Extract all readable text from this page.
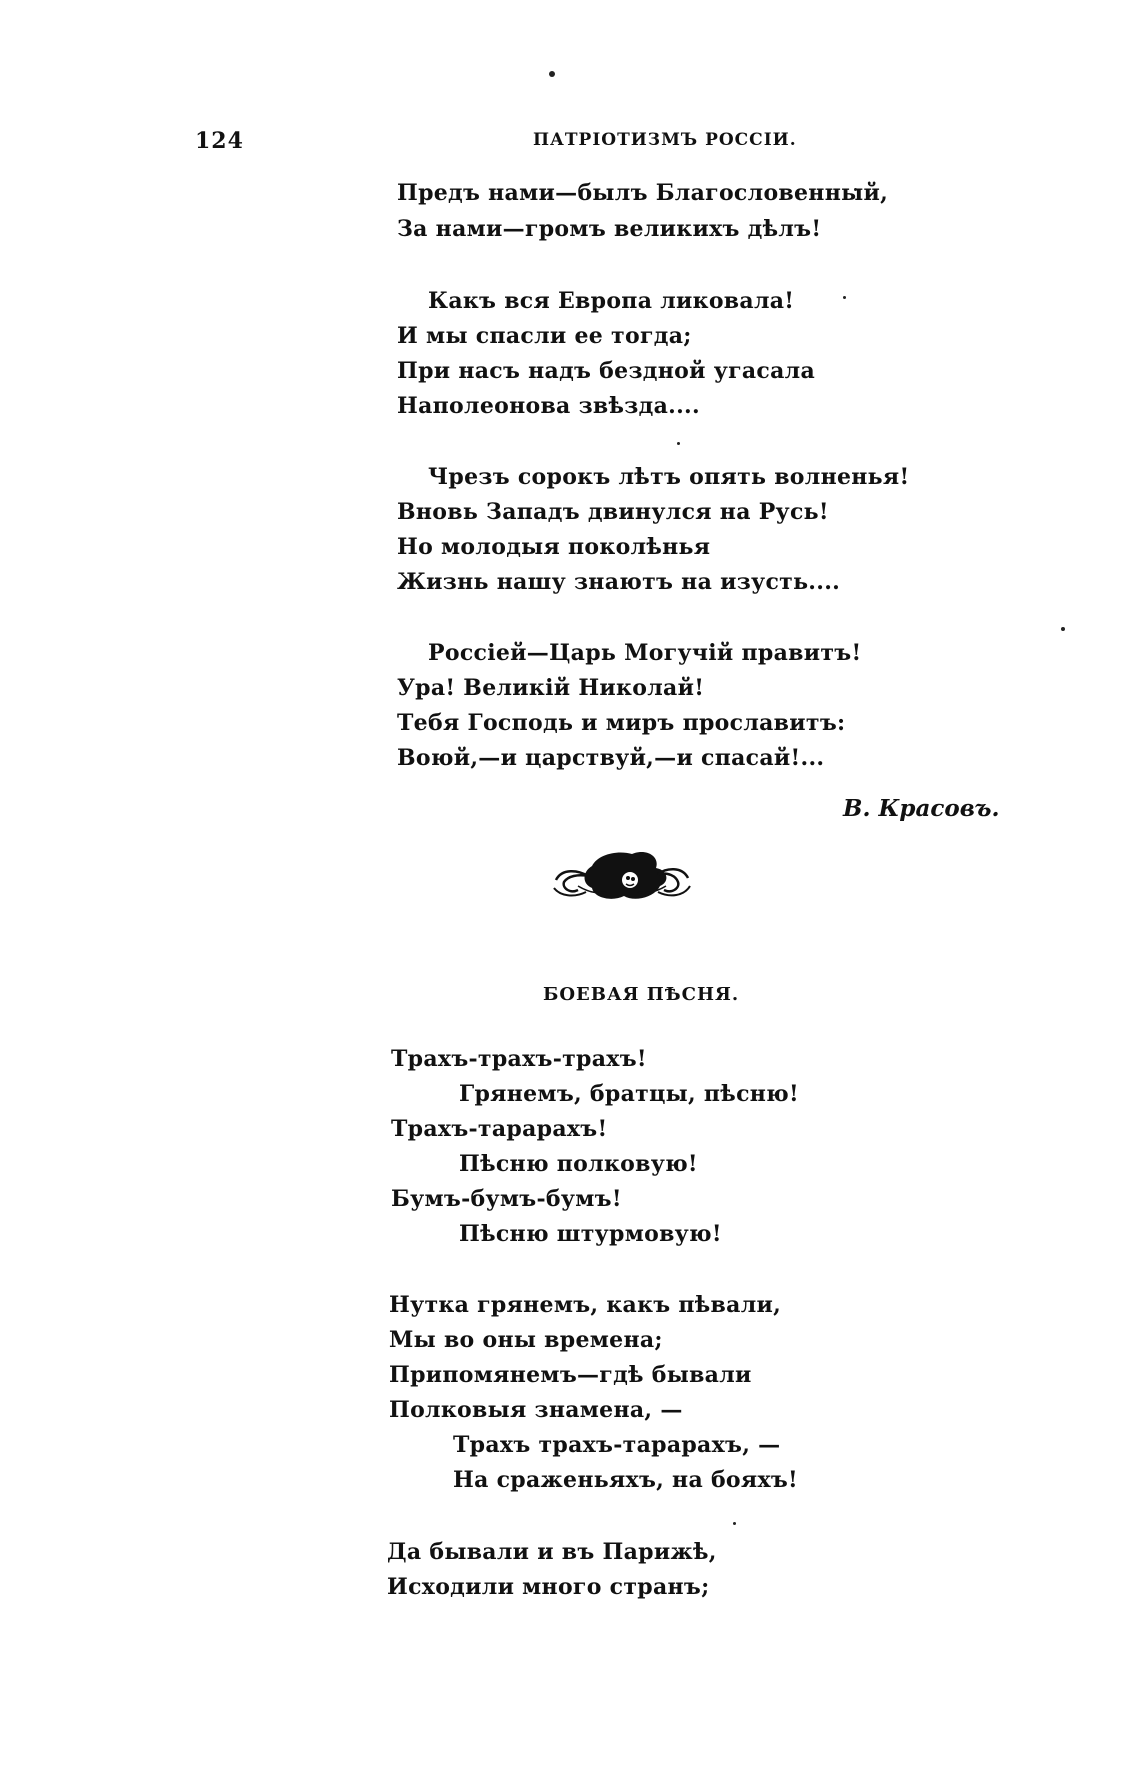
124	ПАТРІОТИЗМЪ РОССІИ.
Предъ нами—былъ Благословенный,
За нами—громъ великихъ дѣлъ!
Какъ вся Европа ликовала!
И мы спасли ее тогда;
При насъ надъ бездной угасала
Наполеонова звѣзда....
Чрезъ сорокъ лѣтъ опять волненья!
Вновь Западъ двинулся на Русь!
Но молодыя поколѣнья
Жизнь нашу знаютъ на изусть....
Россіей—Царь Могучій правитъ!
Ура! Великій Николай!
Тебя Господь и миръ прославитъ:
Воюй,—и царствуй,—и спасай!...
В. Красовъ.
БОЕВАЯ ПѢСНЯ.
Трахъ-трахъ-трахъ!
Грянемъ, братцы, пѣсню!
Трахъ-тарарахъ!
Пѣсню полковую!
Бумъ-бумъ-бумъ!
Пѣсню штурмовую!
Нутка грянемъ, какъ пѣвали,
Мы во оны времена;
Припомянемъ—гдѣ бывали
Полковыя знамена, —
Трахъ трахъ-тарарахъ, —
На сраженьяхъ, на бояхъ!
Да бывали и въ Парижѣ,
Исходили много странъ;
